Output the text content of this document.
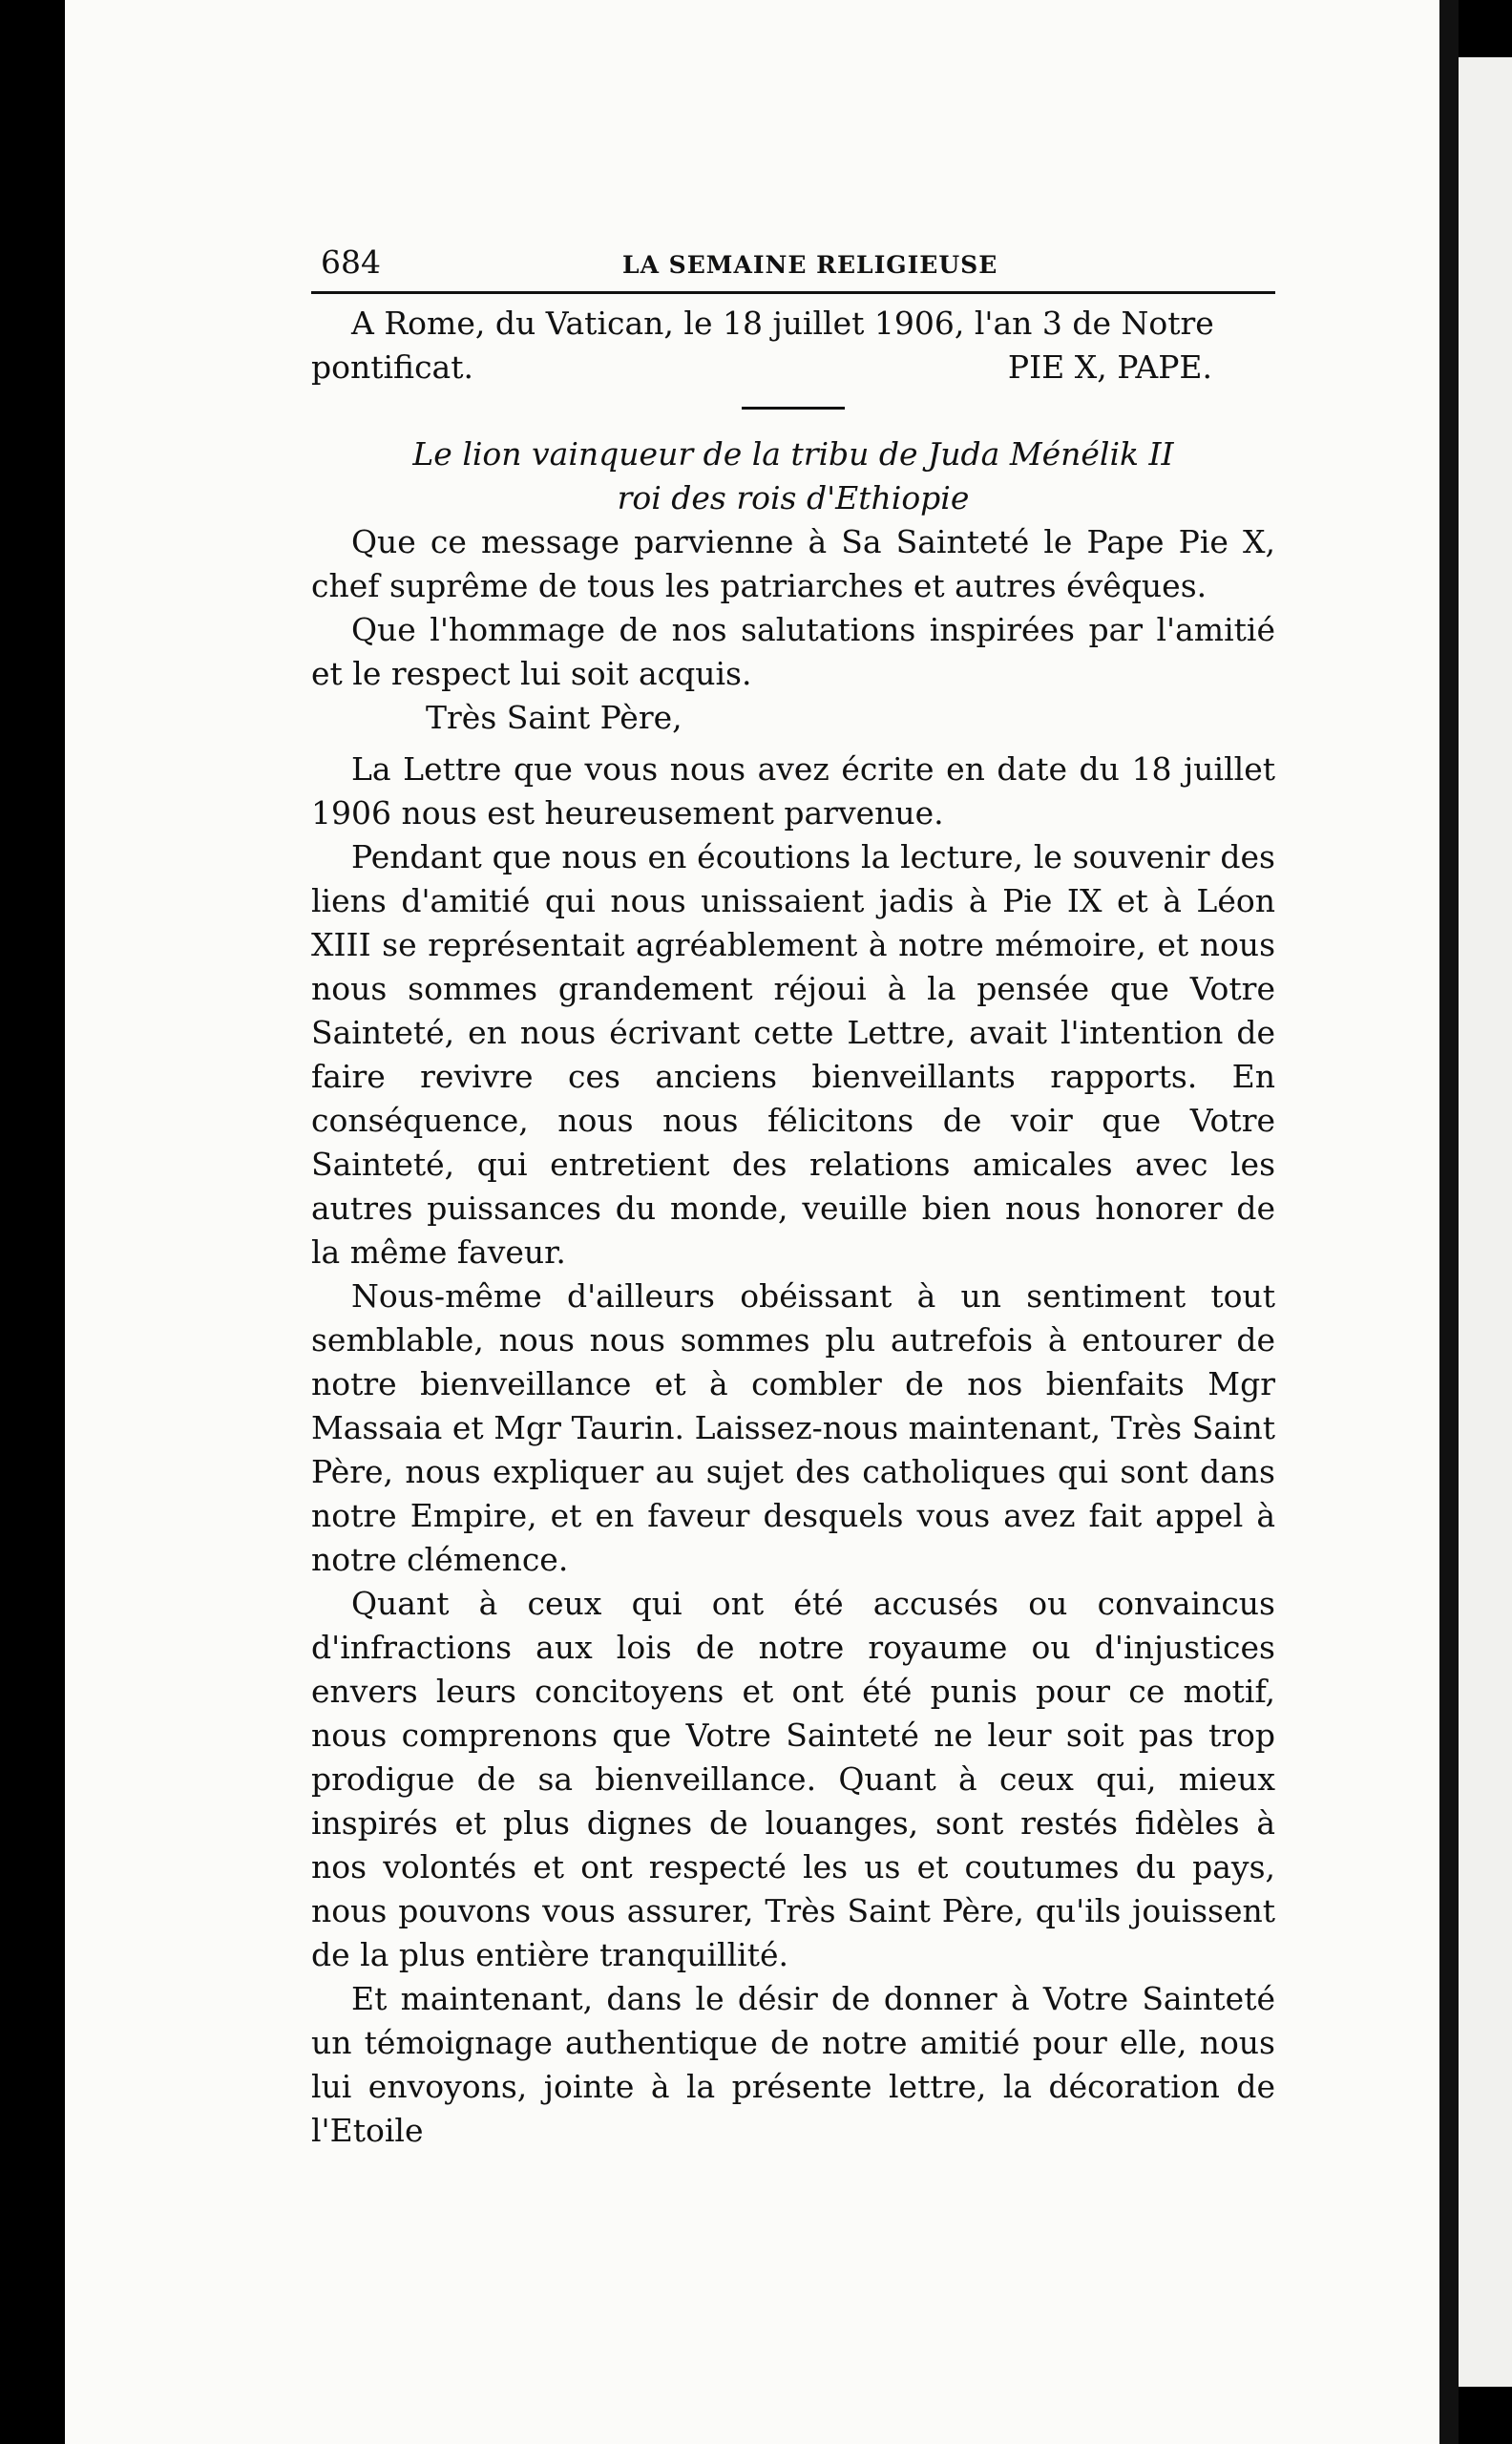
684	LA SEMAINE RELIGIEUSE

A Rome, du Vatican, le 18 juillet 1906, l'an 3 de Notre

pontificat.	PIE X, PAPE.

Le lion vainqueur de la tribu de Juda Ménélik II

roi des rois d'Ethiopie

Que ce message parvienne à Sa Sainteté le Pape Pie X, chef suprême de tous les patriarches et autres évêques.

Que l'hommage de nos salutations inspirées par l'amitié et le respect lui soit acquis.

Très Saint Père,

La Lettre que vous nous avez écrite en date du 18 juillet 1906 nous est heureusement parvenue.

Pendant que nous en écoutions la lecture, le souvenir des liens d'amitié qui nous unissaient jadis à Pie IX et à Léon XIII se représentait agréablement à notre mémoire, et nous nous sommes grandement réjoui à la pensée que Votre Sainteté, en nous écrivant cette Lettre, avait l'intention de faire revivre ces anciens bienveillants rapports. En conséquence, nous nous félicitons de voir que Votre Sainteté, qui entretient des relations amicales avec les autres puissances du monde, veuille bien nous honorer de la même faveur.

Nous-même d'ailleurs obéissant à un sentiment tout semblable, nous nous sommes plu autrefois à entourer de notre bienveillance et à combler de nos bienfaits Mgr Massaia et Mgr Taurin. Laissez-nous maintenant, Très Saint Père, nous expliquer au sujet des catholiques qui sont dans notre Empire, et en faveur desquels vous avez fait appel à notre clémence.

Quant à ceux qui ont été accusés ou convaincus d'infractions aux lois de notre royaume ou d'injustices envers leurs concitoyens et ont été punis pour ce motif, nous comprenons que Votre Sainteté ne leur soit pas trop prodigue de sa bienveillance. Quant à ceux qui, mieux inspirés et plus dignes de louanges, sont restés fidèles à nos volontés et ont respecté les us et coutumes du pays, nous pouvons vous assurer, Très Saint Père, qu'ils jouissent de la plus entière tranquillité.

Et maintenant, dans le désir de donner à Votre Sainteté un témoignage authentique de notre amitié pour elle, nous lui envoyons, jointe à la présente lettre, la décoration de l'Etoile
